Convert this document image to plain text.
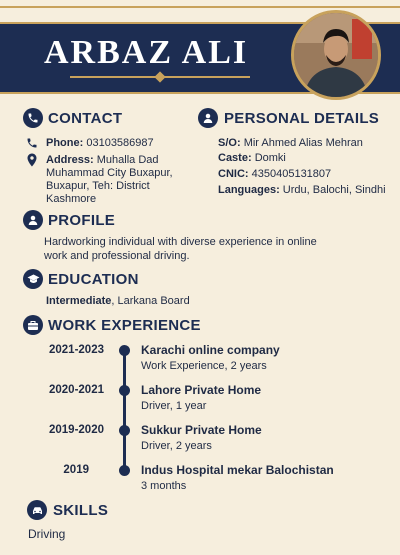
ARBAZ ALI
CONTACT
Phone: 03103586987
Address: Muhalla Dad
Muhammad City Buxapur,
Buxapur, Teh: District
Kashmore
PERSONAL DETAILS
S/O: Mir Ahmed Alias Mehran
Caste: Domki
CNIC: 4350405131807
Languages: Urdu, Balochi, Sindhi
PROFILE
Hardworking individual with diverse experience in online
work and professional driving.
EDUCATION
Intermediate, Larkana Board
WORK EXPERIENCE
2021-2023	Karachi online company
Work Experience, 2 years
2020-2021	Lahore Private Home
Driver, 1 year
2019-2020	Sukkur Private Home
Driver, 2 years
2019	Indus Hospital mekar Balochistan
3 months
SKILLS
Driving
